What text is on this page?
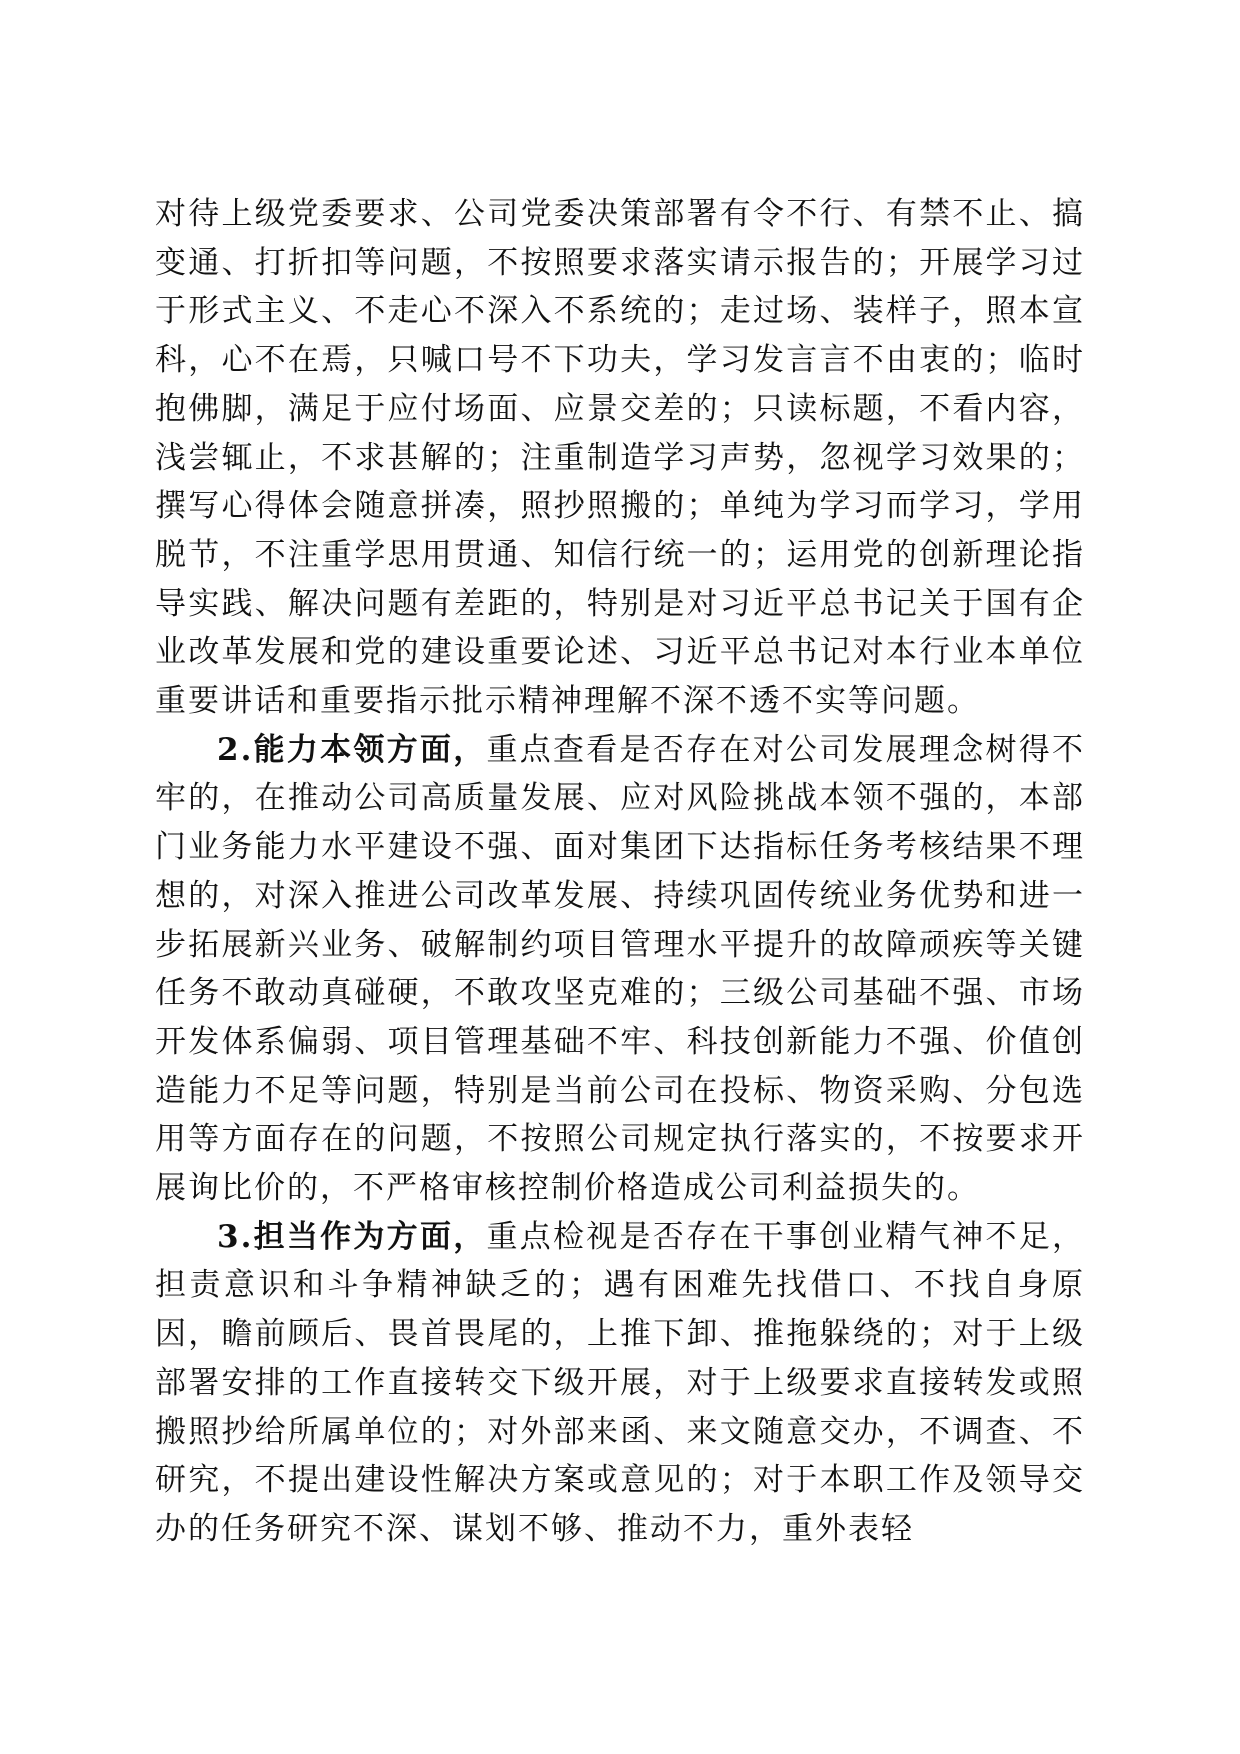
对待上级党委要求、公司党委决策部署有令不行、有禁不止、搞变通、打折扣等问题，不按照要求落实请示报告的；开展学习过于形式主义、不走心不深入不系统的；走过场、装样子，照本宣科，心不在焉，只喊口号不下功夫，学习发言言不由衷的；临时抱佛脚，满足于应付场面、应景交差的；只读标题，不看内容，浅尝辄止，不求甚解的；注重制造学习声势，忽视学习效果的；撰写心得体会随意拼凑，照抄照搬的；单纯为学习而学习，学用脱节，不注重学思用贯通、知信行统一的；运用党的创新理论指导实践、解决问题有差距的，特别是对习近平总书记关于国有企业改革发展和党的建设重要论述、习近平总书记对本行业本单位重要讲话和重要指示批示精神理解不深不透不实等问题。

2.能力本领方面，重点查看是否存在对公司发展理念树得不牢的，在推动公司高质量发展、应对风险挑战本领不强的，本部门业务能力水平建设不强、面对集团下达指标任务考核结果不理想的，对深入推进公司改革发展、持续巩固传统业务优势和进一步拓展新兴业务、破解制约项目管理水平提升的故障顽疾等关键任务不敢动真碰硬，不敢攻坚克难的；三级公司基础不强、市场开发体系偏弱、项目管理基础不牢、科技创新能力不强、价值创造能力不足等问题，特别是当前公司在投标、物资采购、分包选用等方面存在的问题，不按照公司规定执行落实的，不按要求开展询比价的，不严格审核控制价格造成公司利益损失的。

3.担当作为方面，重点检视是否存在干事创业精气神不足，担责意识和斗争精神缺乏的；遇有困难先找借口、不找自身原因，瞻前顾后、畏首畏尾的，上推下卸、推拖躲绕的；对于上级部署安排的工作直接转交下级开展，对于上级要求直接转发或照搬照抄给所属单位的；对外部来函、来文随意交办，不调查、不研究，不提出建设性解决方案或意见的；对于本职工作及领导交办的任务研究不深、谋划不够、推动不力，重外表轻
